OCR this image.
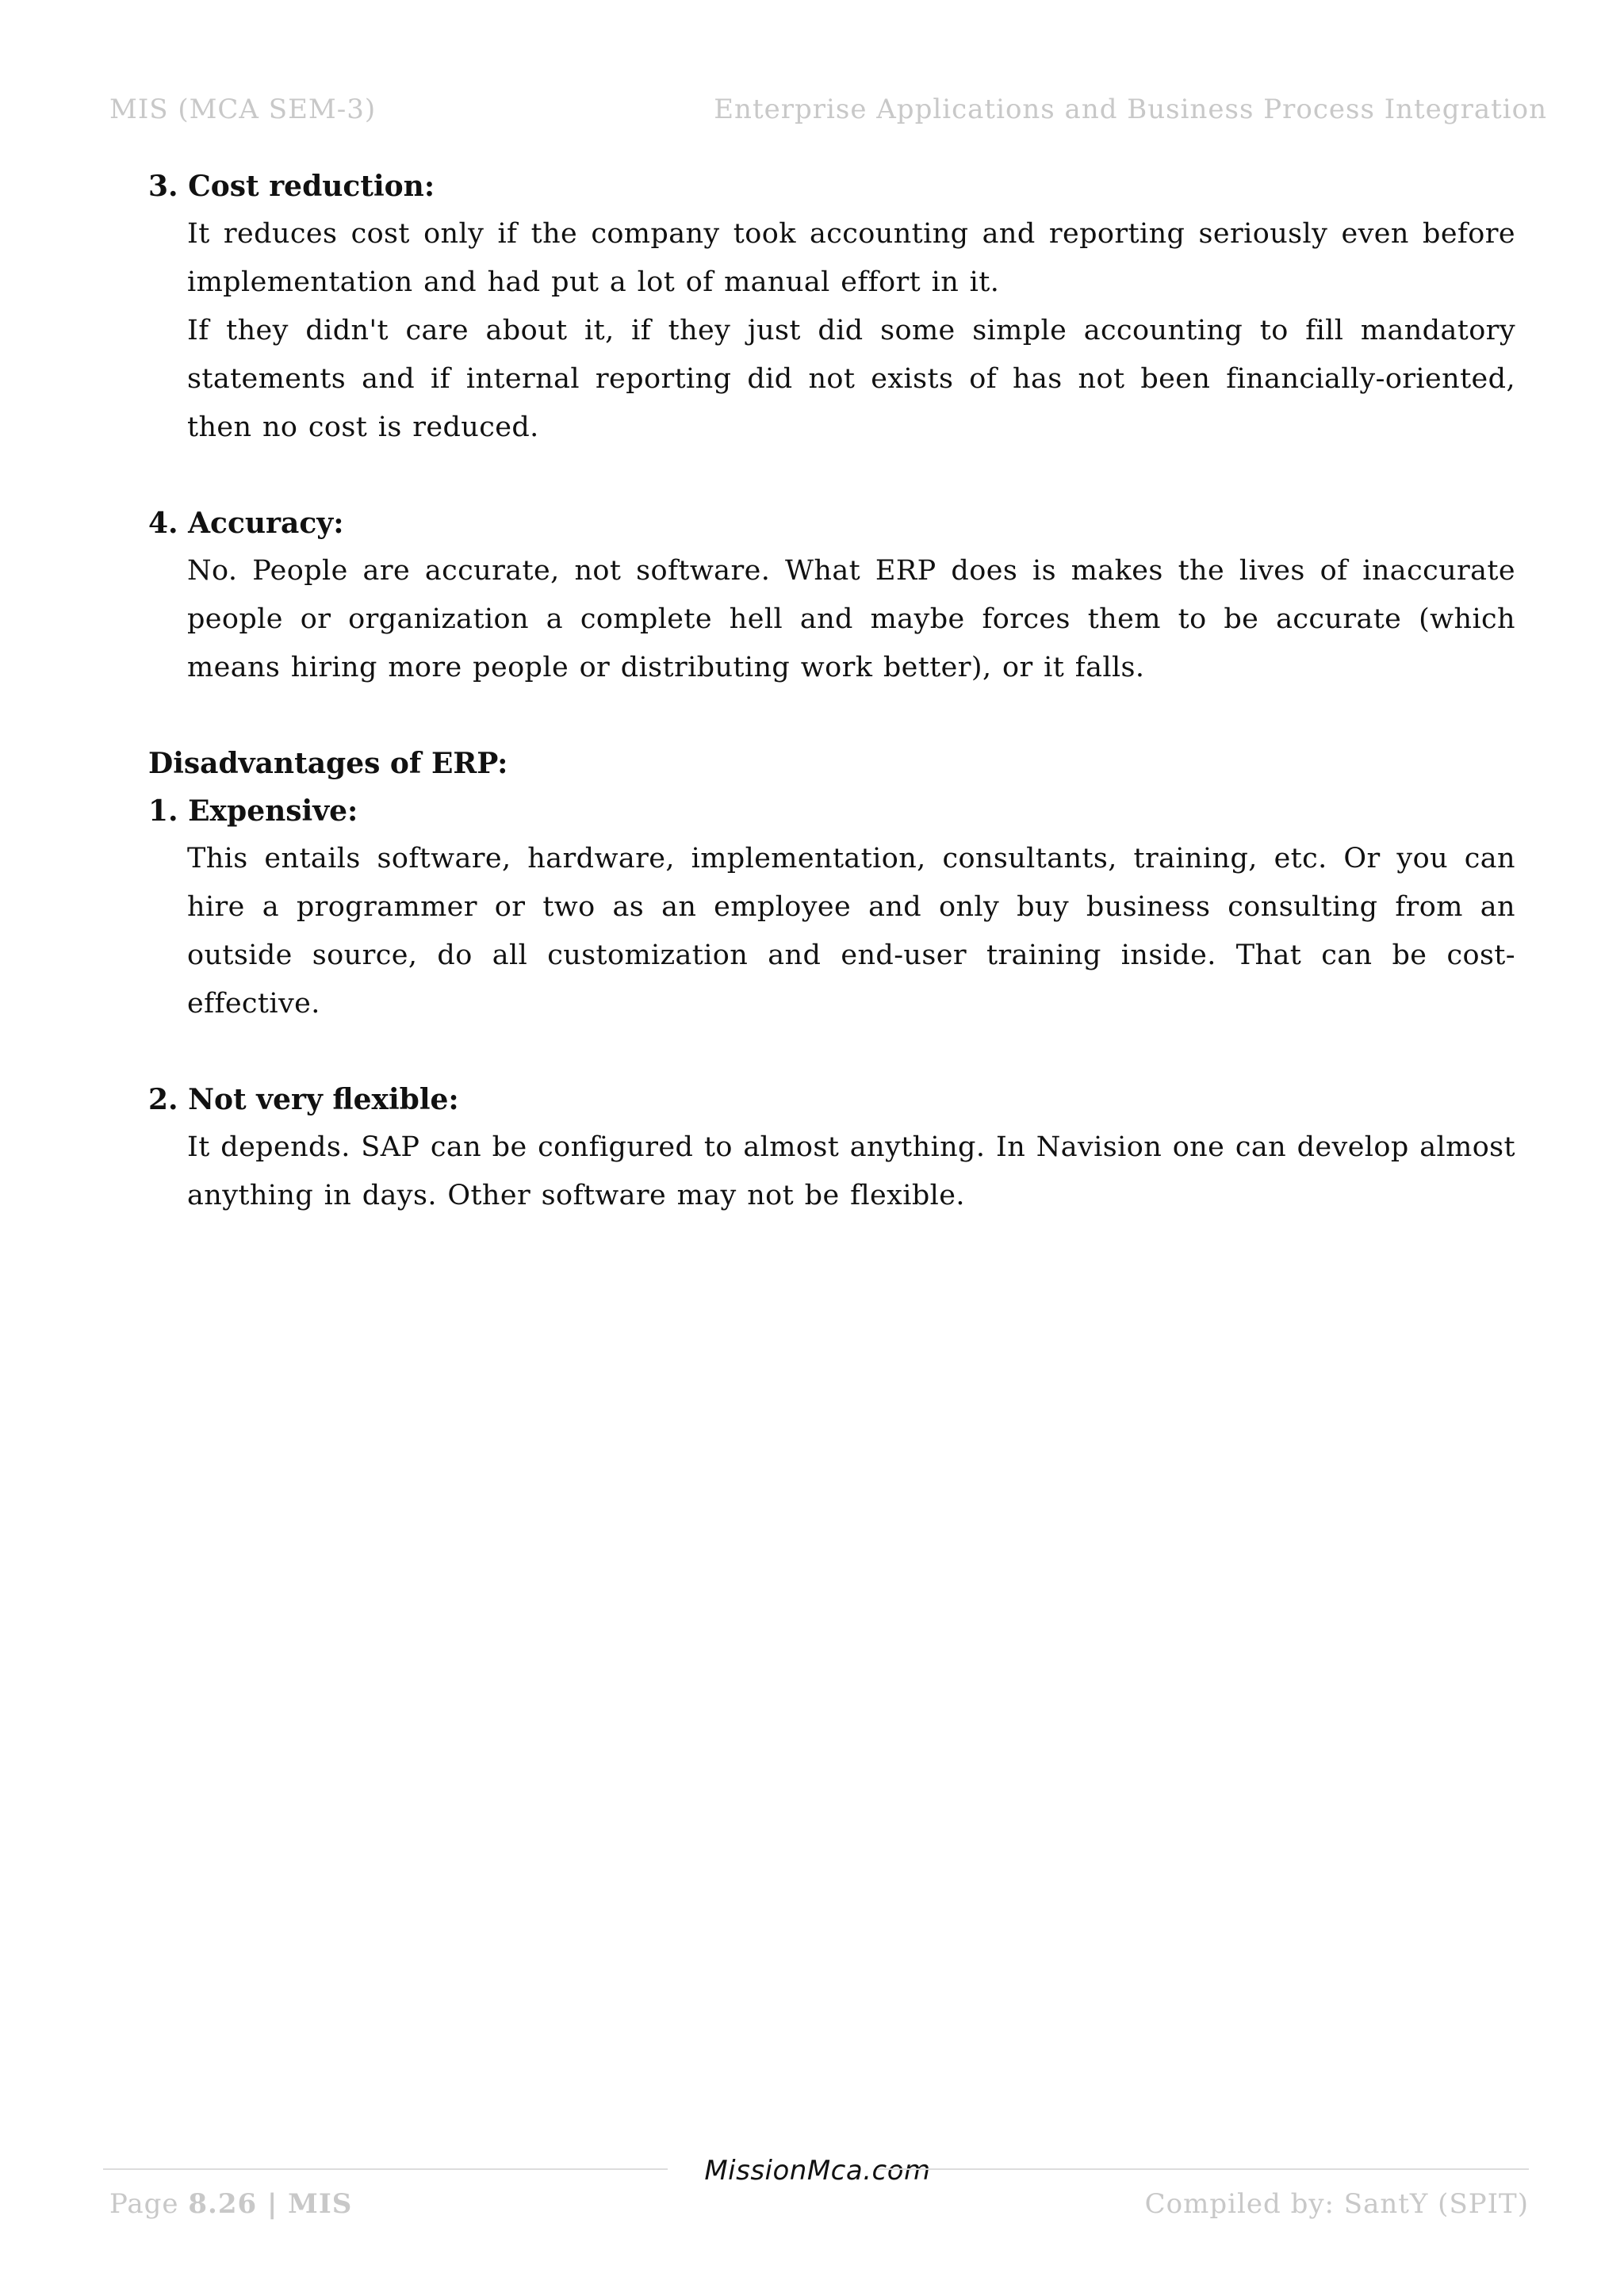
MIS (MCA SEM-3)	Enterprise Applications and Business Process Integration

3. Cost reduction:

It reduces cost only if the company took accounting and reporting seriously even before implementation and had put a lot of manual effort in it.

If they didn't care about it, if they just did some simple accounting to fill mandatory statements and if internal reporting did not exists of has not been financially-oriented, then no cost is reduced.

4. Accuracy:

No. People are accurate, not software. What ERP does is makes the lives of inaccurate people or organization a complete hell and maybe forces them to be accurate (which means hiring more people or distributing work better), or it falls.

Disadvantages of ERP:

1. Expensive:

This entails software, hardware, implementation, consultants, training, etc. Or you can hire a programmer or two as an employee and only buy business consulting from an outside source, do all customization and end-user training inside. That can be cost-effective.

2. Not very flexible:

It depends. SAP can be configured to almost anything. In Navision one can develop almost anything in days. Other software may not be flexible.

MissionMca.com
Page 8.26 | MIS	Compiled by: SantY (SPIT)
